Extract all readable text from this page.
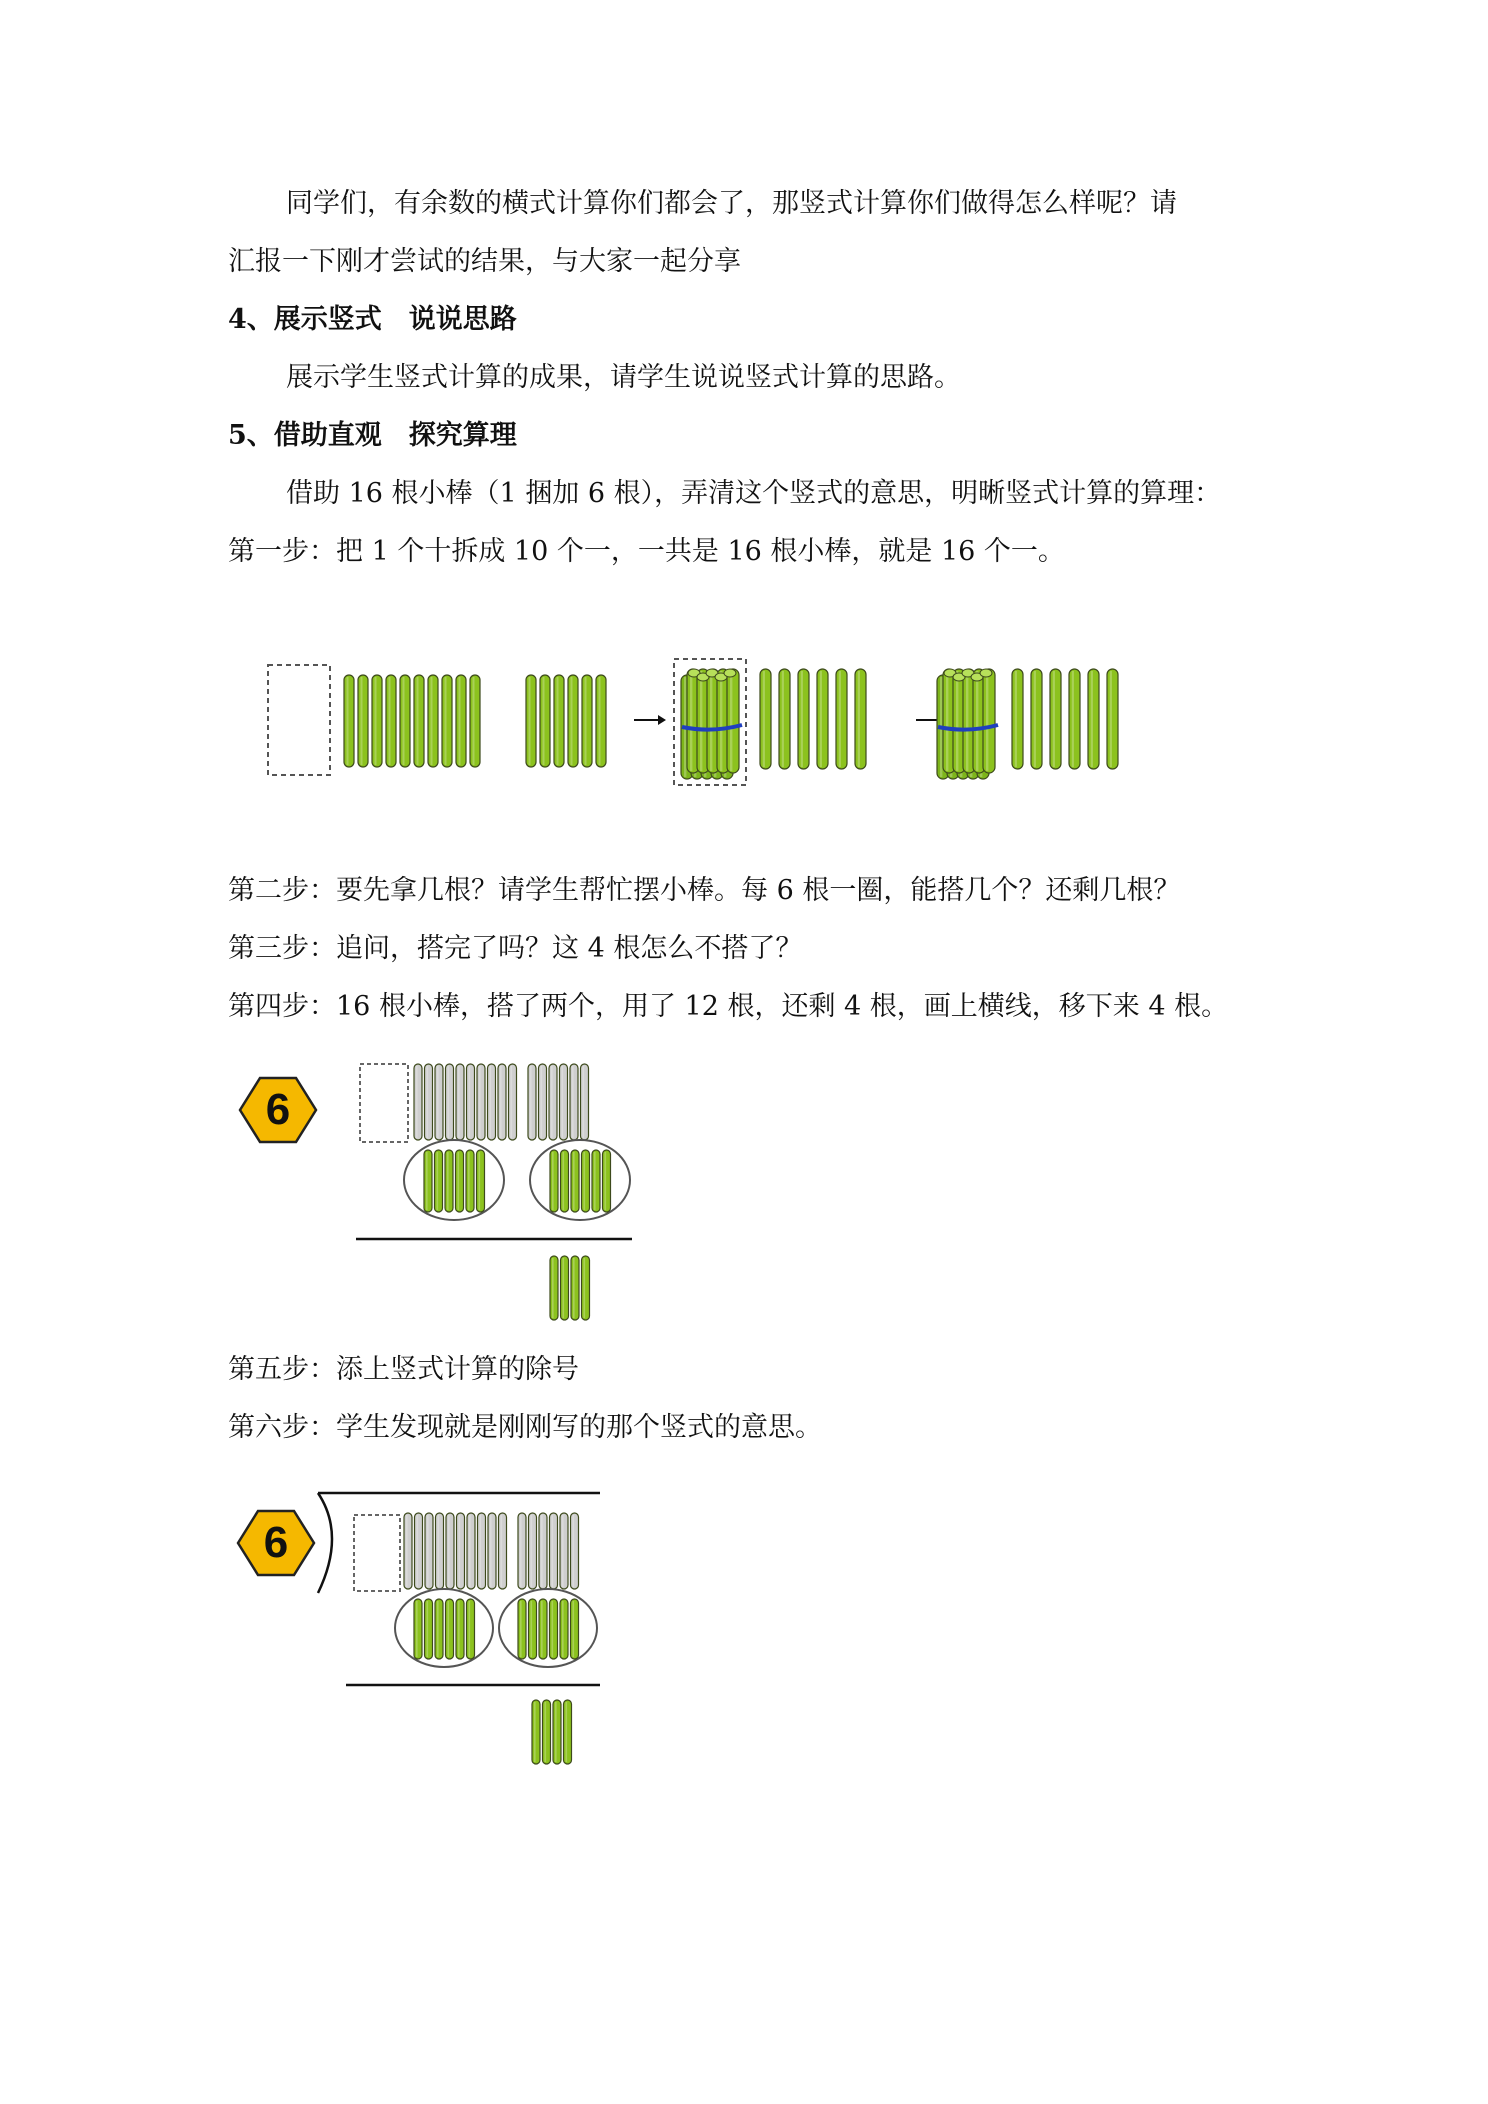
同学们，有余数的横式计算你们都会了，那竖式计算你们做得怎么样呢？请
汇报一下刚才尝试的结果，与大家一起分享
4、展示竖式　说说思路
展示学生竖式计算的成果，请学生说说竖式计算的思路。
5、借助直观　探究算理
借助 16 根小棒（1 捆加 6 根），弄清这个竖式的意思，明晰竖式计算的算理：
第一步：把 1 个十拆成 10 个一，一共是 16 根小棒，就是 16 个一。
第二步：要先拿几根？请学生帮忙摆小棒。每 6 根一圈，能搭几个？还剩几根？
第三步：追问，搭完了吗？这 4 根怎么不搭了？
第四步：16 根小棒，搭了两个，用了 12 根，还剩 4 根，画上横线，移下来 4 根。
6
第五步：添上竖式计算的除号
第六步：学生发现就是刚刚写的那个竖式的意思。
6
